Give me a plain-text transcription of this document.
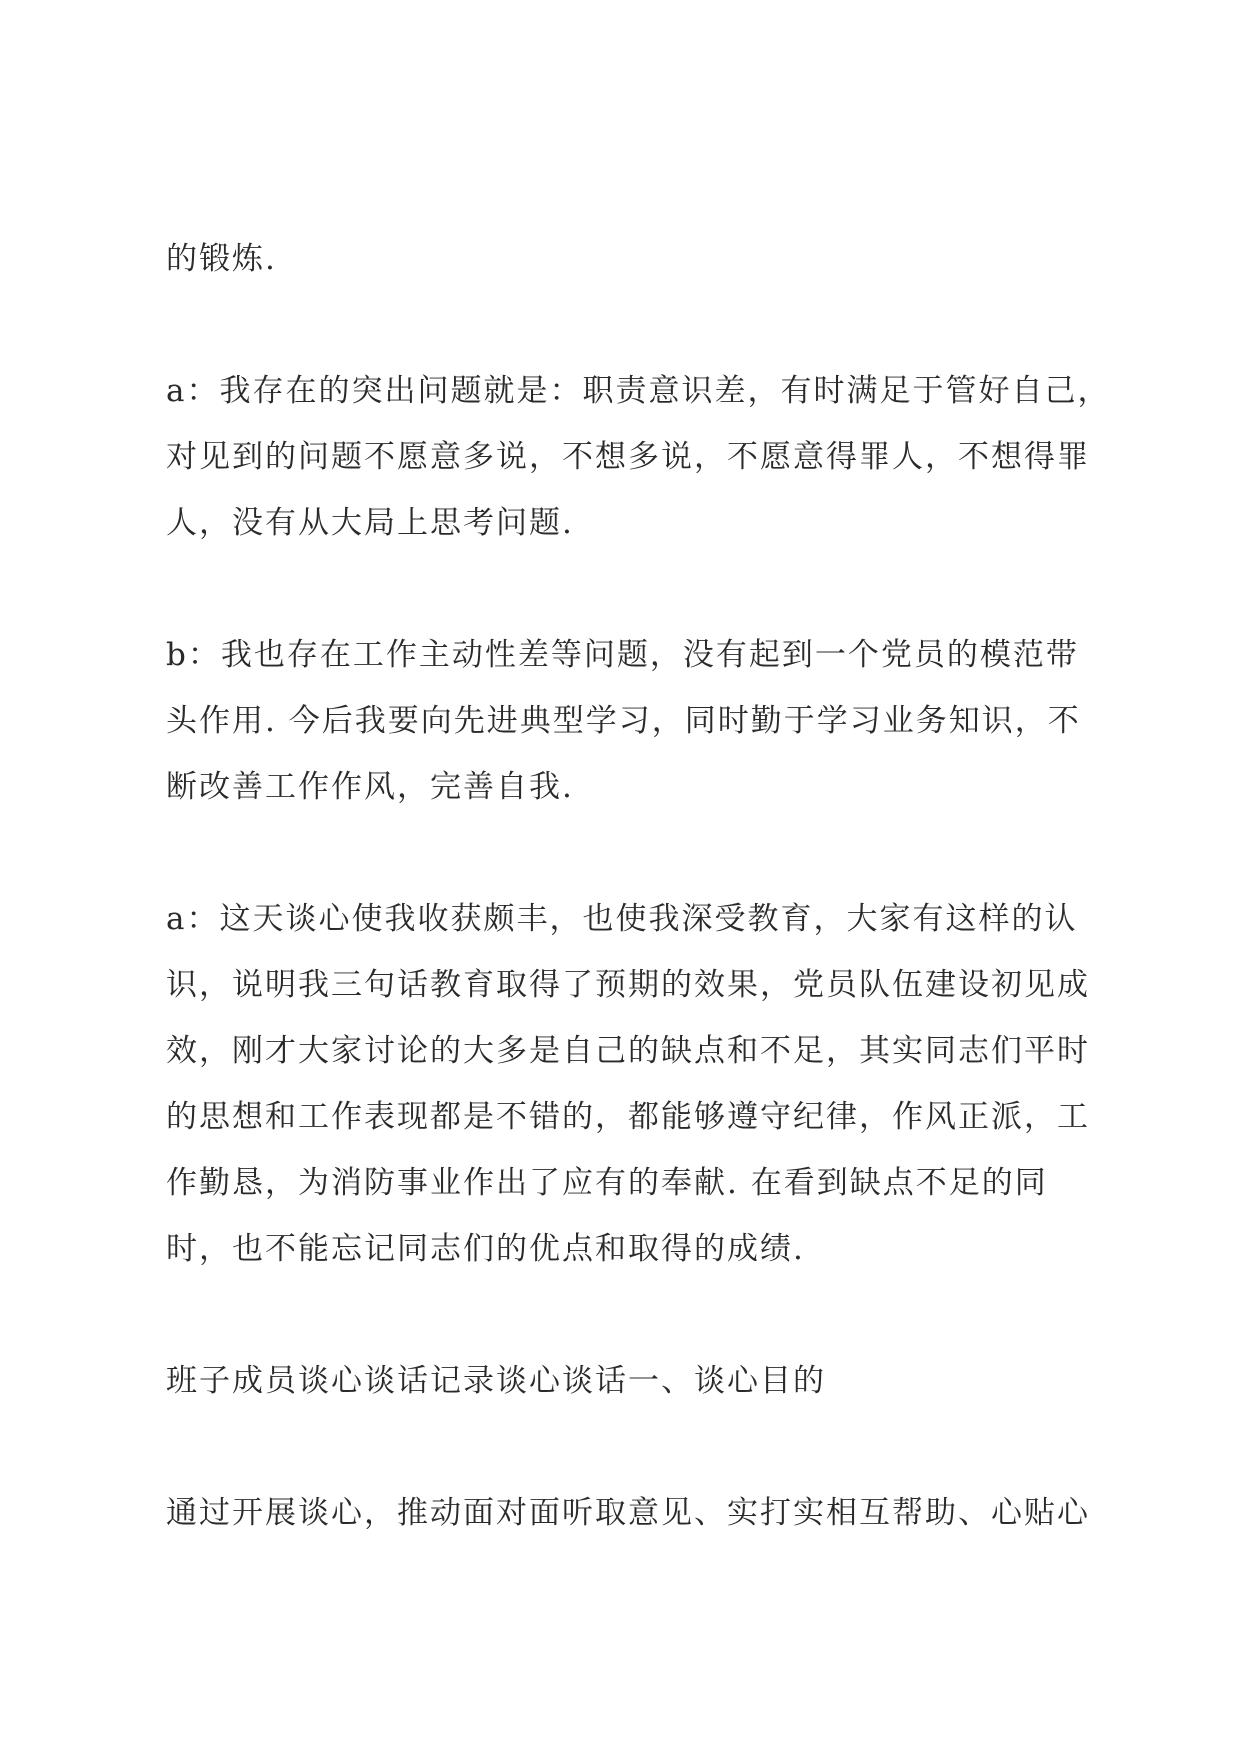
的锻炼.

a：我存在的突出问题就是：职责意识差，有时满足于管好自己，
对见到的问题不愿意多说，不想多说，不愿意得罪人，不想得罪
人，没有从大局上思考问题.

b：我也存在工作主动性差等问题，没有起到一个党员的模范带
头作用. 今后我要向先进典型学习，同时勤于学习业务知识，不
断改善工作作风，完善自我.

a：这天谈心使我收获颇丰，也使我深受教育，大家有这样的认
识，说明我三句话教育取得了预期的效果，党员队伍建设初见成
效，刚才大家讨论的大多是自己的缺点和不足，其实同志们平时
的思想和工作表现都是不错的，都能够遵守纪律，作风正派，工
作勤恳，为消防事业作出了应有的奉献. 在看到缺点不足的同
时，也不能忘记同志们的优点和取得的成绩.

班子成员谈心谈话记录谈心谈话一、谈心目的

通过开展谈心，推动面对面听取意见、实打实相互帮助、心贴心
